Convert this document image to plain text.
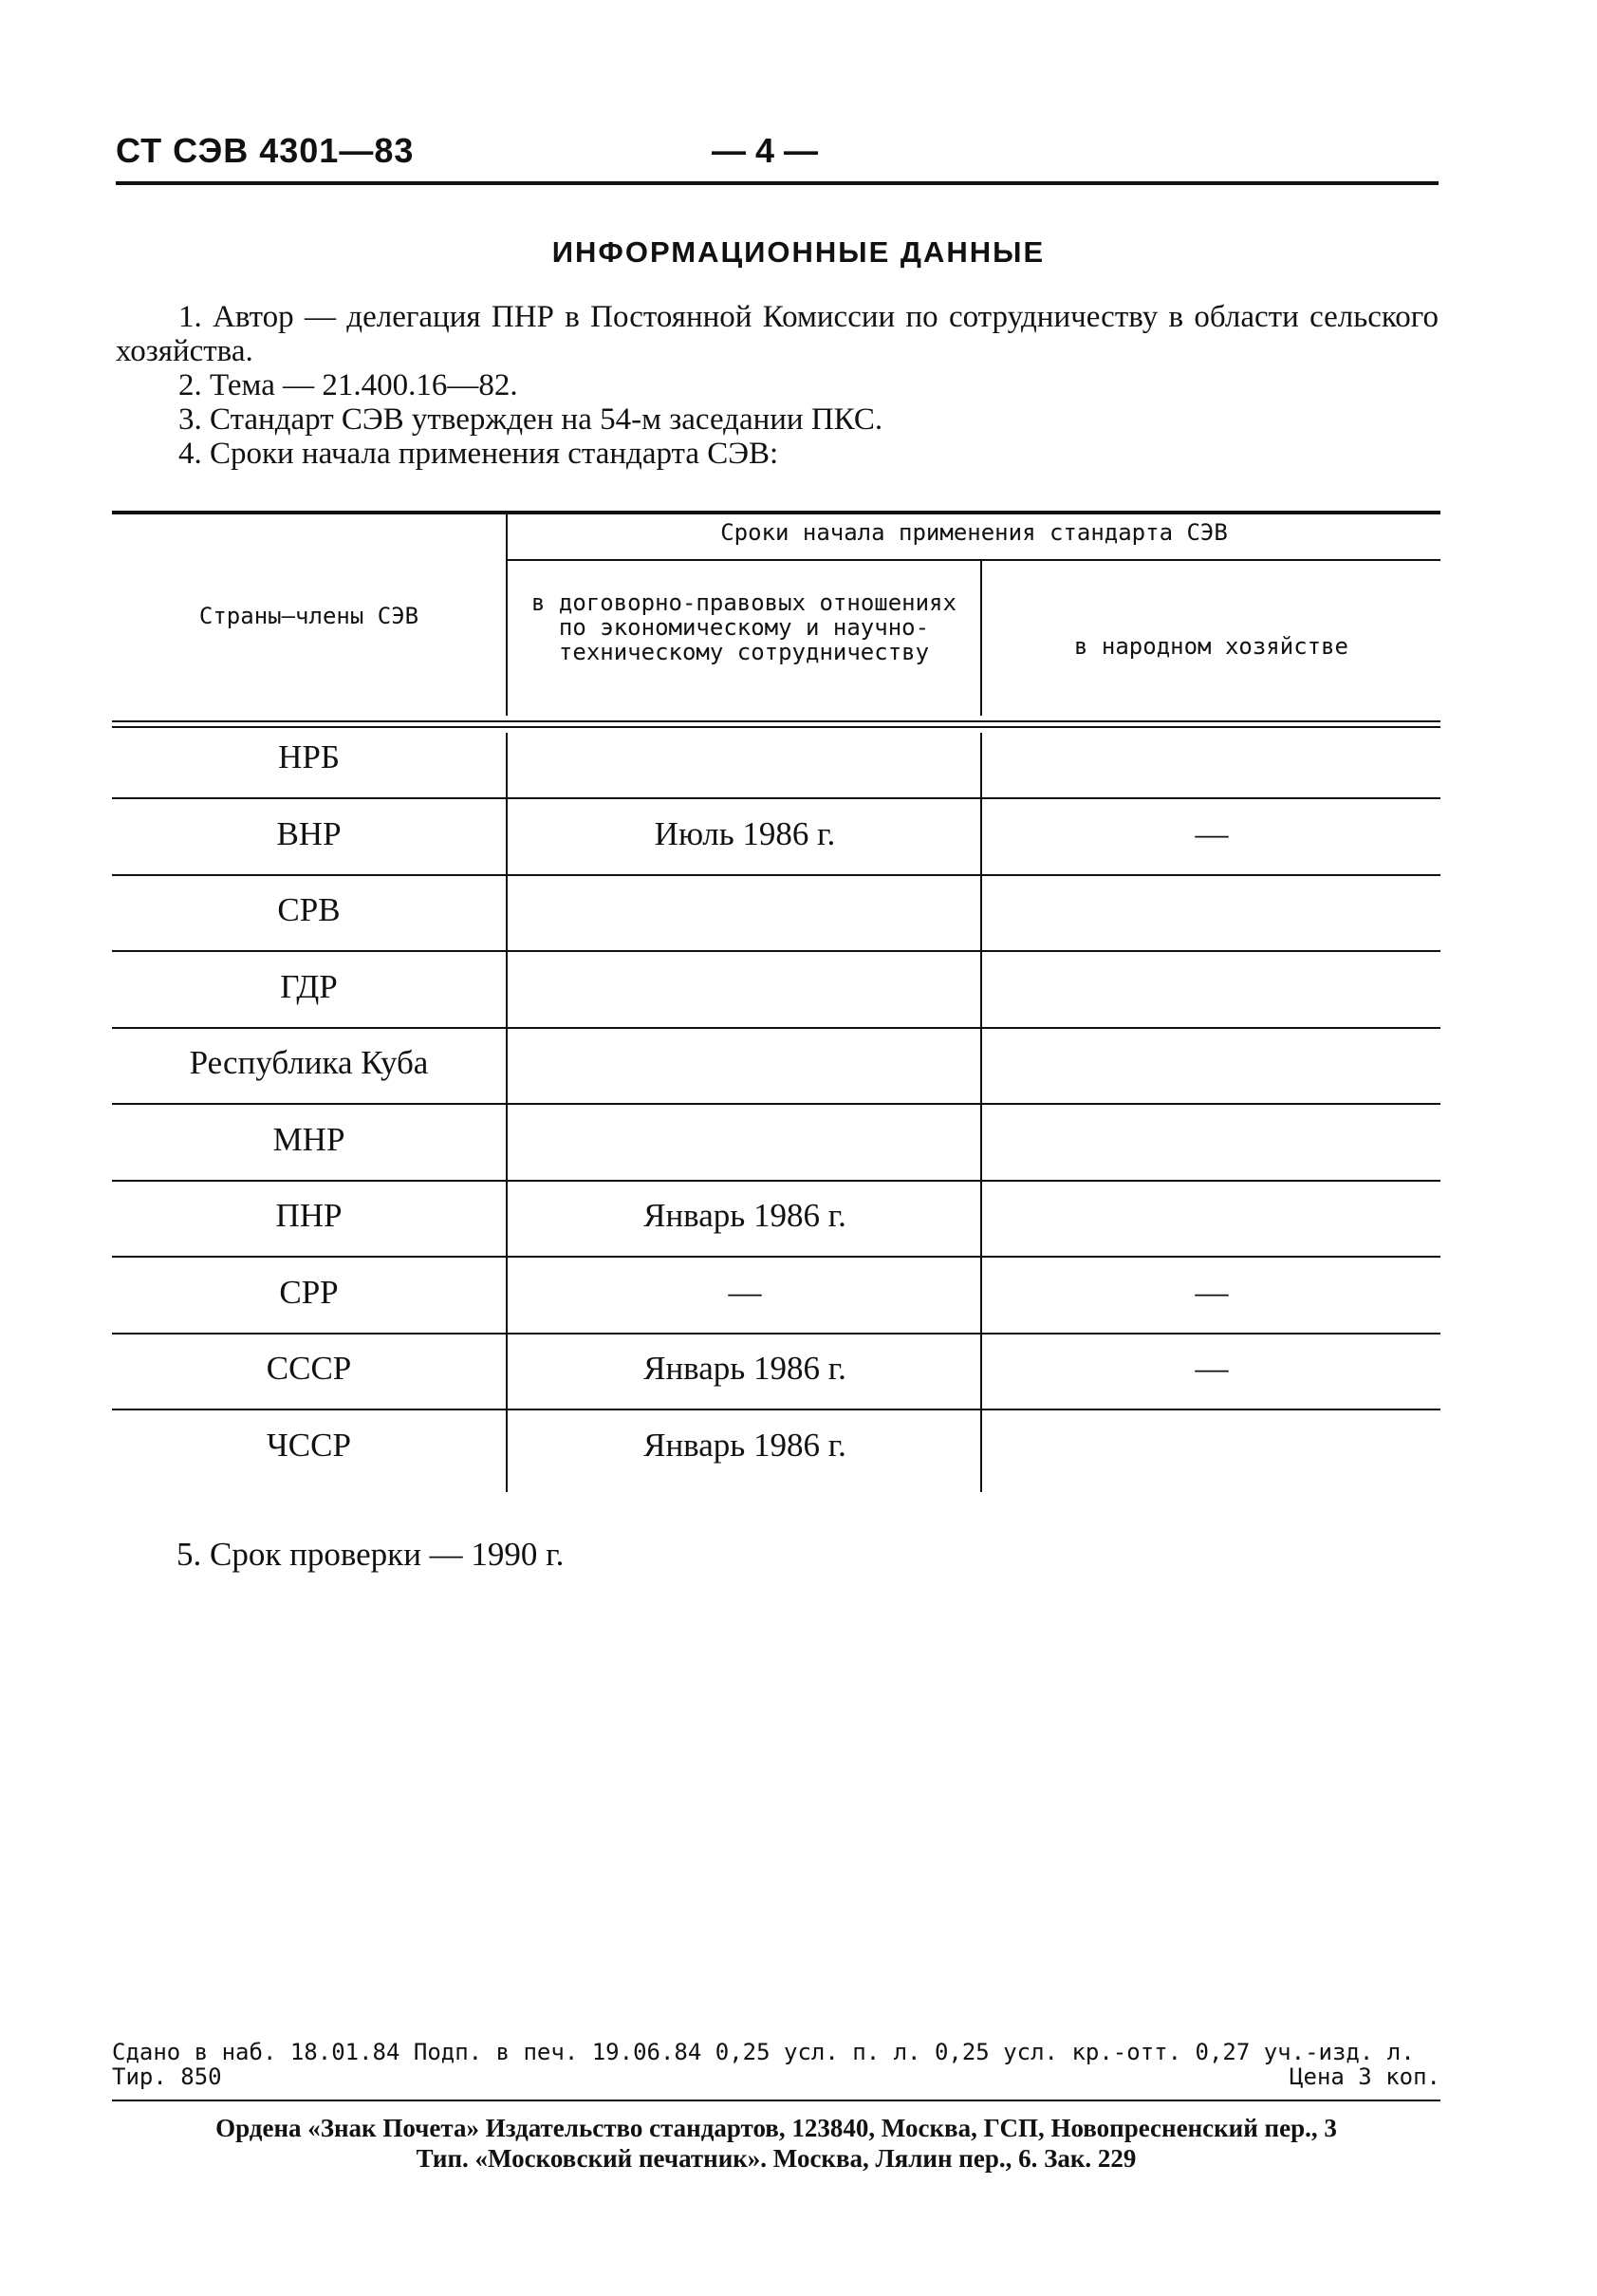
СТ СЭВ 4301—83	— 4 —
ИНФОРМАЦИОННЫЕ ДАННЫЕ

1. Автор — делегация ПНР в Постоянной Комиссии по сотрудничеству в области сельского хозяйства.

2. Тема — 21.400.16—82.

3. Стандарт СЭВ утвержден на 54-м заседании ПКС.

4. Сроки начала применения стандарта СЭВ:

Страны—члены СЭВ
Сроки начала применения стандарта СЭВ
в договорно-правовых отношениях по экономическому и научно-техническому сотрудничеству	в народном хозяйстве
НРБ
ВНР	Июль 1986 г.	—
СРВ
ГДР
Республика Куба
МНР
ПНР	Январь 1986 г.
СРР	—	—
СССР	Январь 1986 г.	—
ЧССР	Январь 1986 г.
5. Срок проверки — 1990 г.
Сдано в наб. 18.01.84 Подп. в печ. 19.06.84 0,25 усл. п. л. 0,25 усл. кр.-отт. 0,27 уч.-изд. л.
Тир. 850	Цена 3 коп.
Ордена «Знак Почета» Издательство стандартов, 123840, Москва, ГСП, Новопресненский пер., 3
Тип. «Московский печатник». Москва, Лялин пер., 6. Зак. 229
